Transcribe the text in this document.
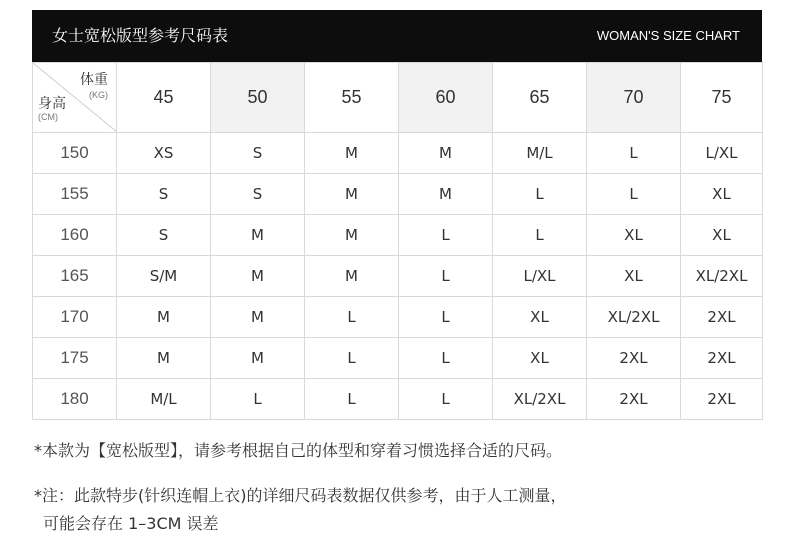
女士宽松版型参考尺码表	WOMAN'S SIZE CHART
体重
(KG)
身高
(CM)	45	50	55	60	65	70	75
150	XS	S	M	M	M/L	L	L/XL
155	S	S	M	M	L	L	XL
160	S	M	M	L	L	XL	XL
165	S/M	M	M	L	L/XL	XL	XL/2XL
170	M	M	L	L	XL	XL/2XL	2XL
175	M	M	L	L	XL	2XL	2XL
180	M/L	L	L	L	XL/2XL	2XL	2XL
*本款为【宽松版型】，请参考根据自己的体型和穿着习惯选择合适的尺码。
*注：此款特步(针织连帽上衣)的详细尺码表数据仅供参考，由于人工测量，
可能会存在 1–3CM 误差
